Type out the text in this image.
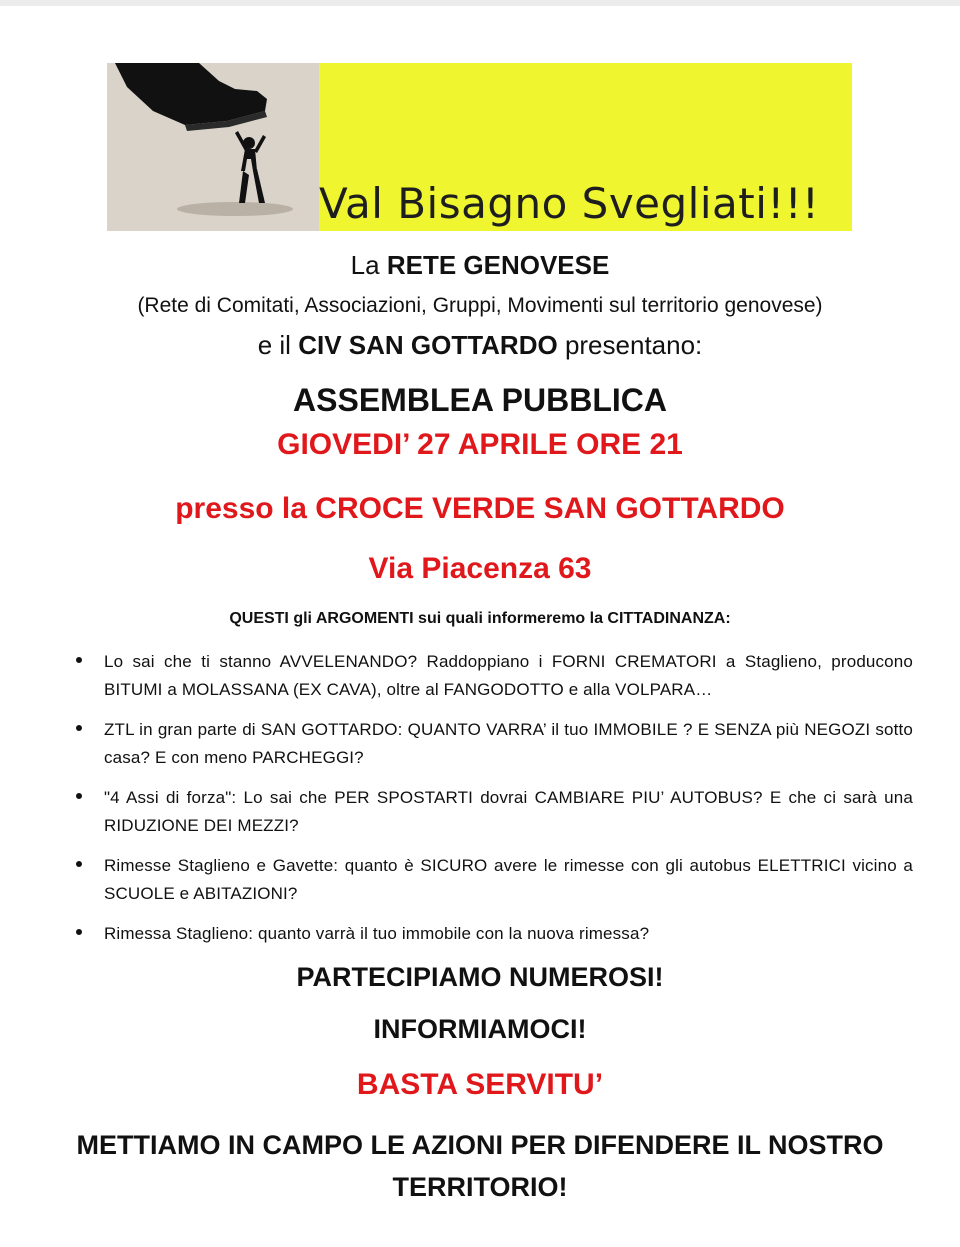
Val Bisagno Svegliati!!!
La RETE GENOVESE
(Rete di Comitati, Associazioni, Gruppi, Movimenti sul territorio genovese)
e il CIV SAN GOTTARDO presentano:
ASSEMBLEA PUBBLICA
GIOVEDI’ 27 APRILE ORE 21
presso la CROCE VERDE SAN GOTTARDO
Via Piacenza 63
QUESTI gli ARGOMENTI sui quali informeremo la CITTADINANZA:
Lo sai che ti stanno AVVELENANDO? Raddoppiano i FORNI CREMATORI a Staglieno, producono BITUMI a MOLASSANA (EX CAVA), oltre al FANGODOTTO e alla VOLPARA…
ZTL in gran parte di SAN GOTTARDO: QUANTO VARRA’ il tuo IMMOBILE ? E SENZA più NEGOZI sotto casa? E con meno PARCHEGGI?
"4 Assi di forza": Lo sai che PER SPOSTARTI dovrai CAMBIARE PIU’ AUTOBUS? E che ci sarà una RIDUZIONE DEI MEZZI?
Rimesse Staglieno e Gavette: quanto è SICURO avere le rimesse con gli autobus ELETTRICI vicino a SCUOLE e ABITAZIONI?
Rimessa Staglieno: quanto varrà il tuo immobile con la nuova rimessa?
PARTECIPIAMO NUMEROSI!
INFORMIAMOCI!
BASTA SERVITU’
METTIAMO IN CAMPO LE AZIONI PER DIFENDERE IL NOSTRO TERRITORIO!
